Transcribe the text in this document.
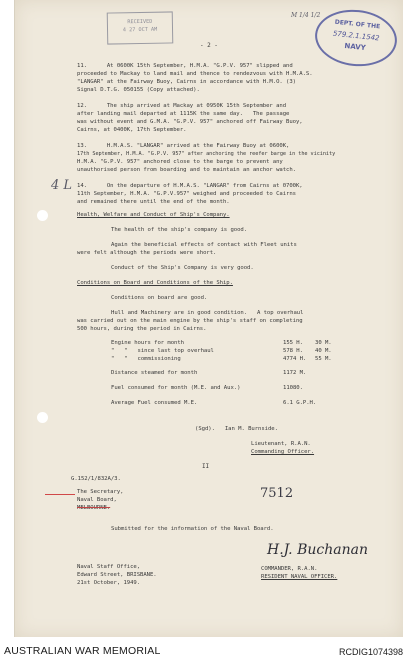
RECEIVED
4 27 OCT AM
- 2 -
M 1/4 1/2
DEPT. OF THE
579.2.1.1542
NAVY
11.      At 0600K 15th September, H.M.A. "G.P.V. 957" slipped and
proceeded to Mackay to land mail and thence to rendezvous with H.M.A.S.
"LANGAR" at the Fairway Buoy, Cairns in accordance with H.M.O. (3)
Signal D.T.G. 050155 (Copy attached).
12.      The ship arrived at Mackay at 0950K 15th September and
after landing mail departed at 1115K the same day.   The passage
was without event and G.M.A. "G.P.V. 957" anchored off Fairway Buoy,
Cairns, at 0400K, 17th September.
13.      H.M.A.S. "LANGAR" arrived at the Fairway Buoy at 0600K,
17th September, H.M.A. "G.P.V. 957" after anchoring the reefer barge in the vicinity
H.M.A. "G.P.V. 957" anchored close to the barge to prevent any
unauthorised person from boarding and to maintain an anchor watch.
4 L 14.      On the departure of H.M.A.S. "LANGAR" from Cairns at 0700K,
11th September, H.M.A. "G.P.V.957" weighed and proceeded to Cairns
and remained there until the end of the month.
Health, Welfare and Conduct of Ship's Company.
The health of the ship's company is good.
Again the beneficial effects of contact with Fleet units
were felt although the periods were short.
Conduct of the Ship's Company is very good.
Conditions on Board and Conditions of the Ship.
Conditions on board are good.
Hull and Machinery are in good condition.   A top overhaul
was carried out on the main engine by the ship's staff on completing
500 hours, during the period in Cairns.
Engine hours for month	155 H. 30 M.
"   "   since last top overhaul	578 H. 40 M.
"   "   commissioning	4774 H. 55 M.
Distance steamed for month	1172 M.
Fuel consumed for month (M.E. and Aux.)	11080.
Average Fuel consumed M.E.	6.1 G.P.H.
(Sgd).   Ian M. Burnside.
Lieutenant, R.A.N.
Commanding Officer.
II
G.152/1/832A/3.
The Secretary,
Naval Board,
MELBOURNE.
7512
Submitted for the information of the Naval Board.
Naval Staff Office,
Edward Street, BRISBANE.
21st October, 1949.
H.J. Buchanan
COMMANDER, R.A.N.
RESIDENT NAVAL OFFICER.
AUSTRALIAN WAR MEMORIAL	RCDIG1074398
